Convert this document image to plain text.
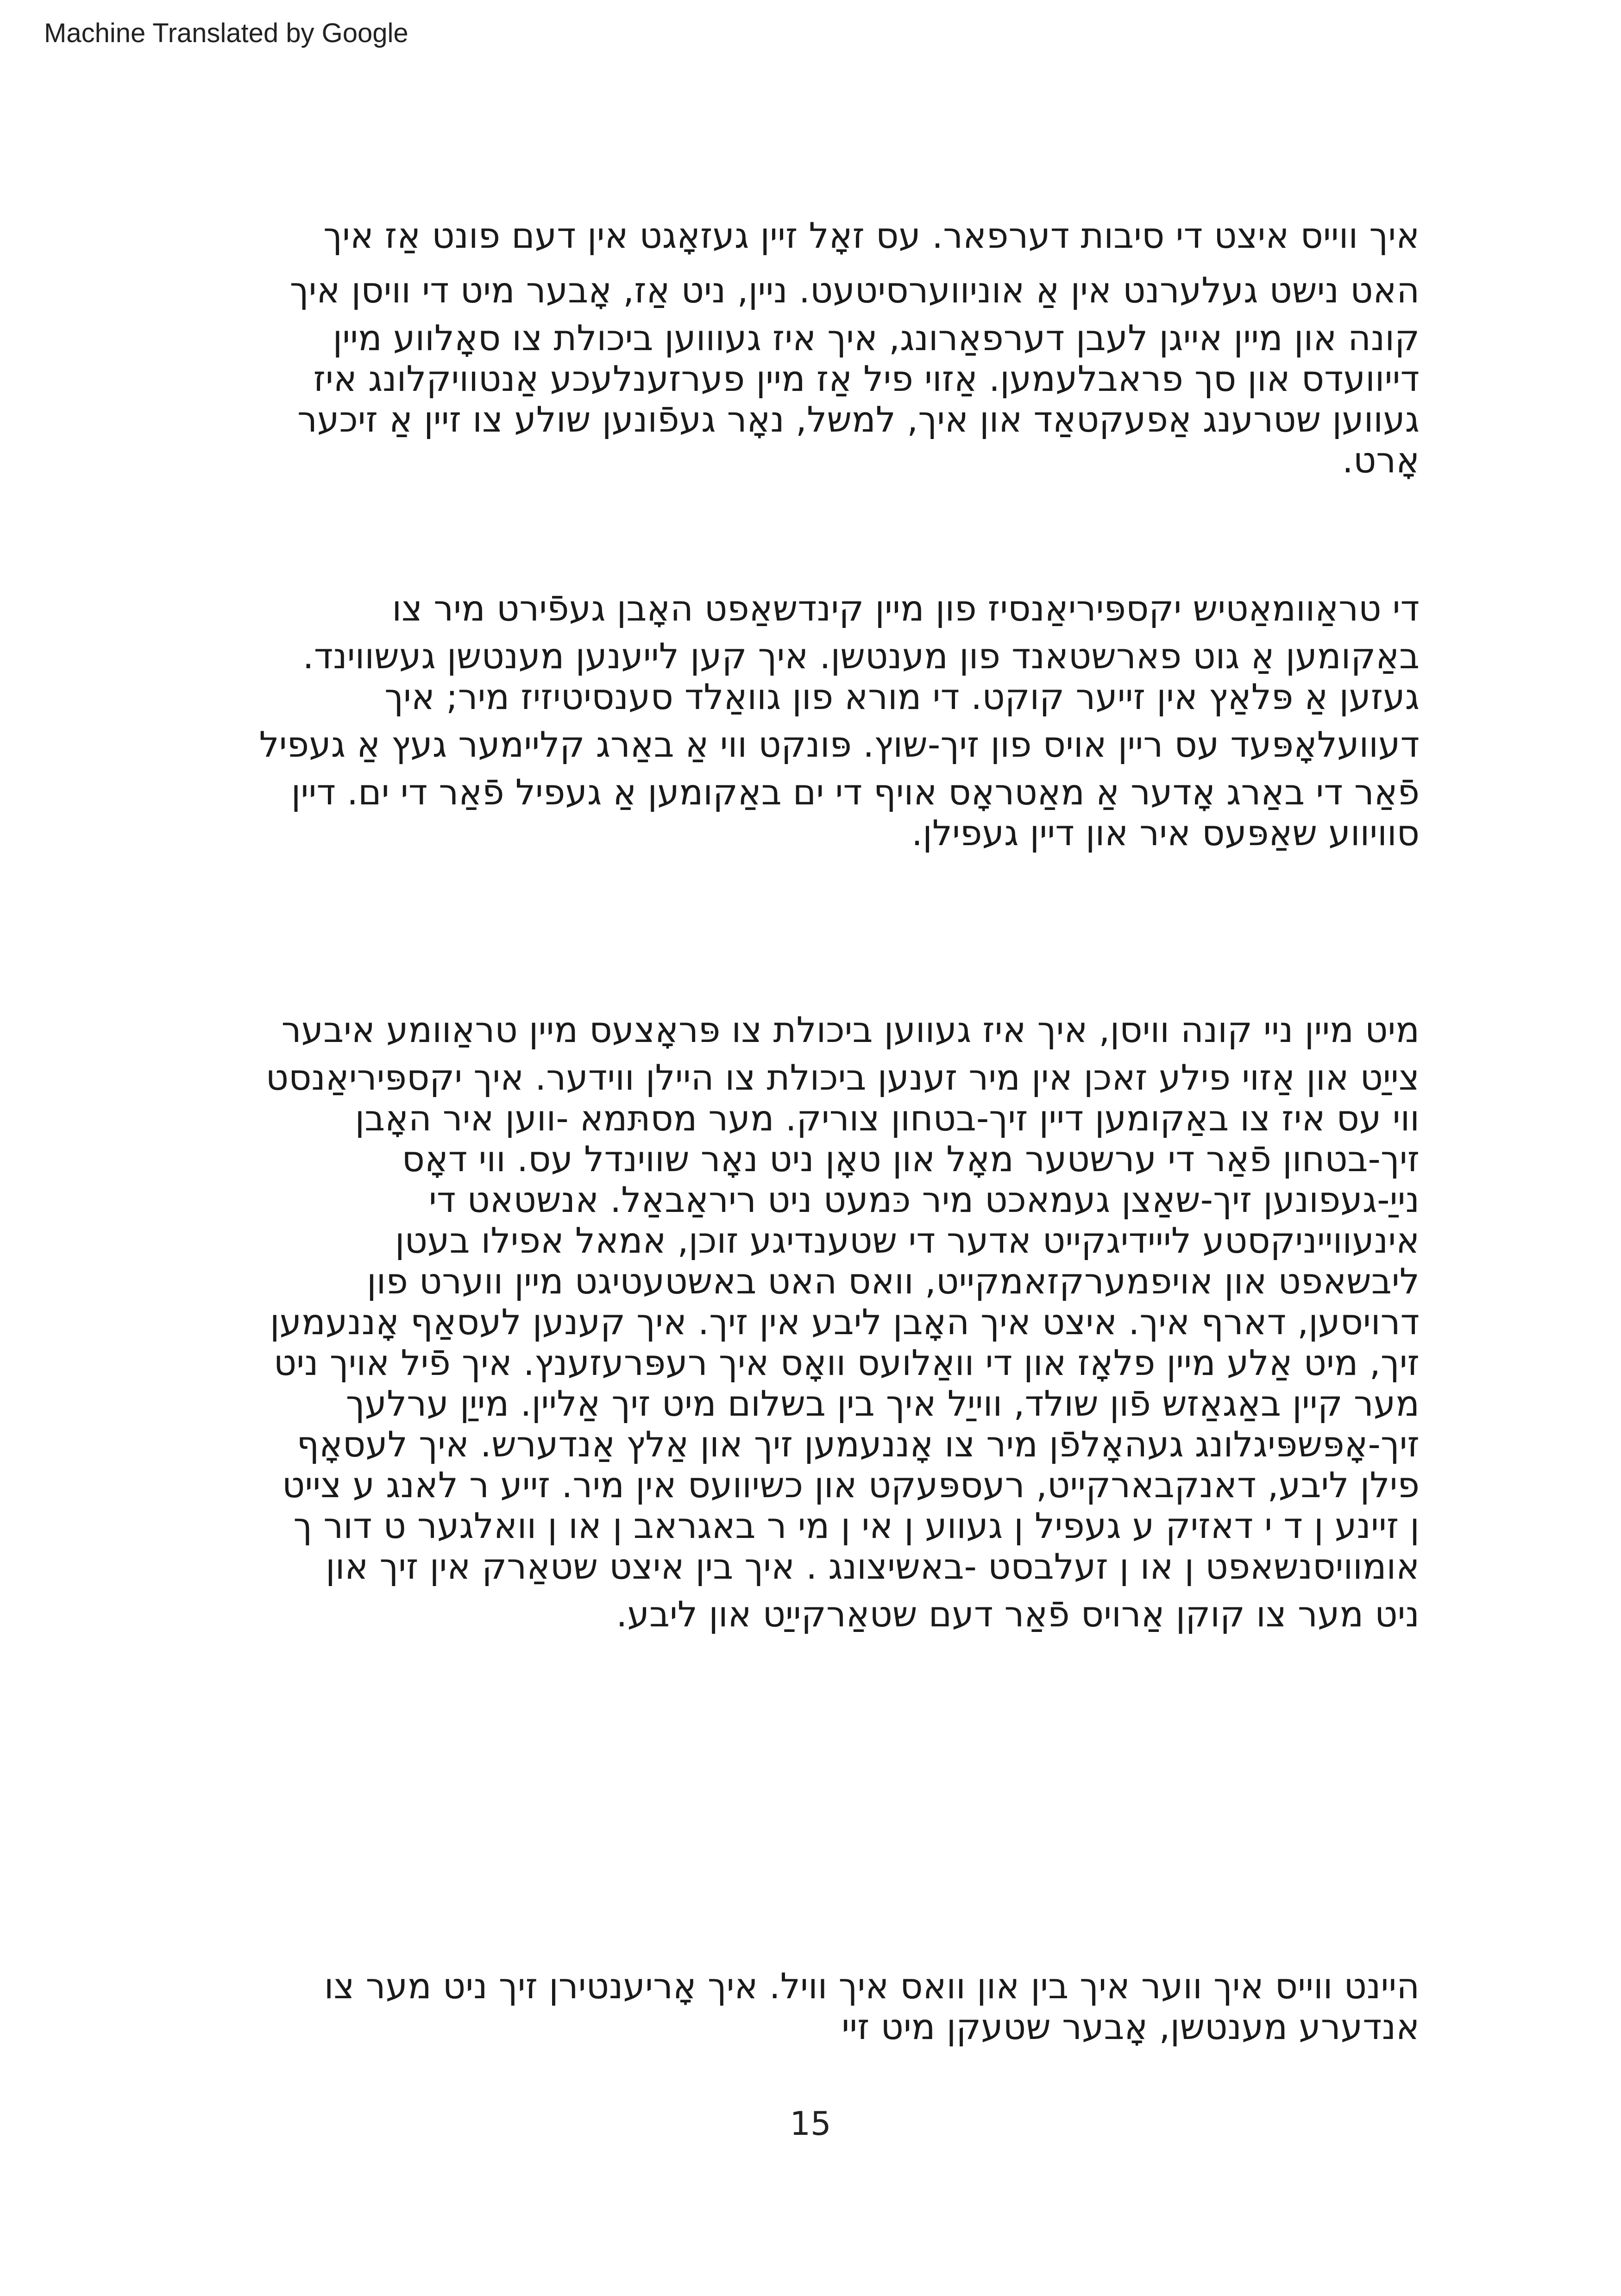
Machine Translated by Google
איך ווייס איצט די סיבות דערפאר. עס זאָל זיין געזאָגט אין דעם פונט אַז איך
האט נישט געלערנט אין אַ אוניווערסיטעט. ניין, ניט אַז, אָבער מיט די וויסן איך
קונה און מיין אייגן לעבן דערפאַרונג, איך איז געוווען ביכולת צו סאָלווע מיין
דייוועדס און סך פראבלעמען. אַזוי פיל אַז מיין פערזענלעכע אַנטוויקלונג איז
געווען שטרענג אַפעקטאַד און איך, למשל, נאָר געפֿונען שולע צו זיין אַ זיכער
אָרט.
די טראַוומאַטיש יקספּיריאַנסיז פון מיין קינדשאַפט האָבן געפֿירט מיר צו
באַקומען אַ גוט פארשטאנד פון מענטשן. איך קען לייענען מענטשן געשווינד.
געזען אַ פּלאַץ אין זייער קוקט. די מורא פון גוואַלד סענסיטיזיז מיר; איך
דעוועלאָפּעד עס ריין אויס פון זיך-שוץ. פּונקט ווי אַ באַרג קליימער געץ אַ געפיל
פֿאַר די באַרג אָדער אַ מאַטראָס אויף די ים באַקומען אַ געפיל פֿאַר די ים. דיין
סוויווע שאַפּעס איר און דיין געפילן.
מיט מיין ניי קונה וויסן, איך איז געווען ביכולת צו פּראָצעס מיין טראַוומע איבער
צייַט און אַזוי פילע זאכן אין מיר זענען ביכולת צו היילן ווידער. איך יקספּיריאַנסט
ווי עס איז צו באַקומען דיין זיך-בטחון צוריק. מער מסתּמא -ווען איר האָבן
זיך-בטחון פֿאַר די ערשטער מאָל און טאָן ניט נאָר שווינדל עס. ווי דאָס
נייַ-געפונען זיך-שאַצן געמאכט מיר כּמעט ניט ריראַבאַל. אנשטאט די
אינעווייניקסטע לייידיגקייט אדער די שטענדיגע זוכן, אמאל אפילו בעטן
ליבשאפט און אויפמערקזאמקייט, וואס האט באשטעטיגט מיין ווערט פון
דרויסען, דארף איך. איצט איך האָבן ליבע אין זיך. איך קענען לעסאַף אָננעמען
זיך, מיט אַלע מיין פלאָז און די וואַלועס וואָס איך רעפּרעזענץ. איך פֿיל אויך ניט
מער קיין באַגאַזש פֿון שולד, ווייַל איך בין בשלום מיט זיך אַליין. מייַן ערלעך
זיך-אָפּשפּיגלונג געהאָלפֿן מיר צו אָננעמען זיך און אַלץ אַנדערש. איך לעסאָף
פילן ליבע, דאנקבארקייט, רעספּעקט און כשיוועס אין מיר. זייע ר לאנג ע צייט
ן זיינע ן ד י דאזיק ע געפיל ן געווע ן אי ן מי ר באגראב ן או ן וואלגער ט דור ך
אומוויסנשאפט ן או ן זעלבסט -באשיצונג . איך בין איצט שטאַרק אין זיך און
ניט מער צו קוקן אַרויס פֿאַר דעם שטאַרקייַט און ליבע.
היינט ווייס איך ווער איך בין און וואס איך וויל. איך אָריענטירן זיך ניט מער צו
אנדערע מענטשן, אָבער שטעקן מיט זיי
15
